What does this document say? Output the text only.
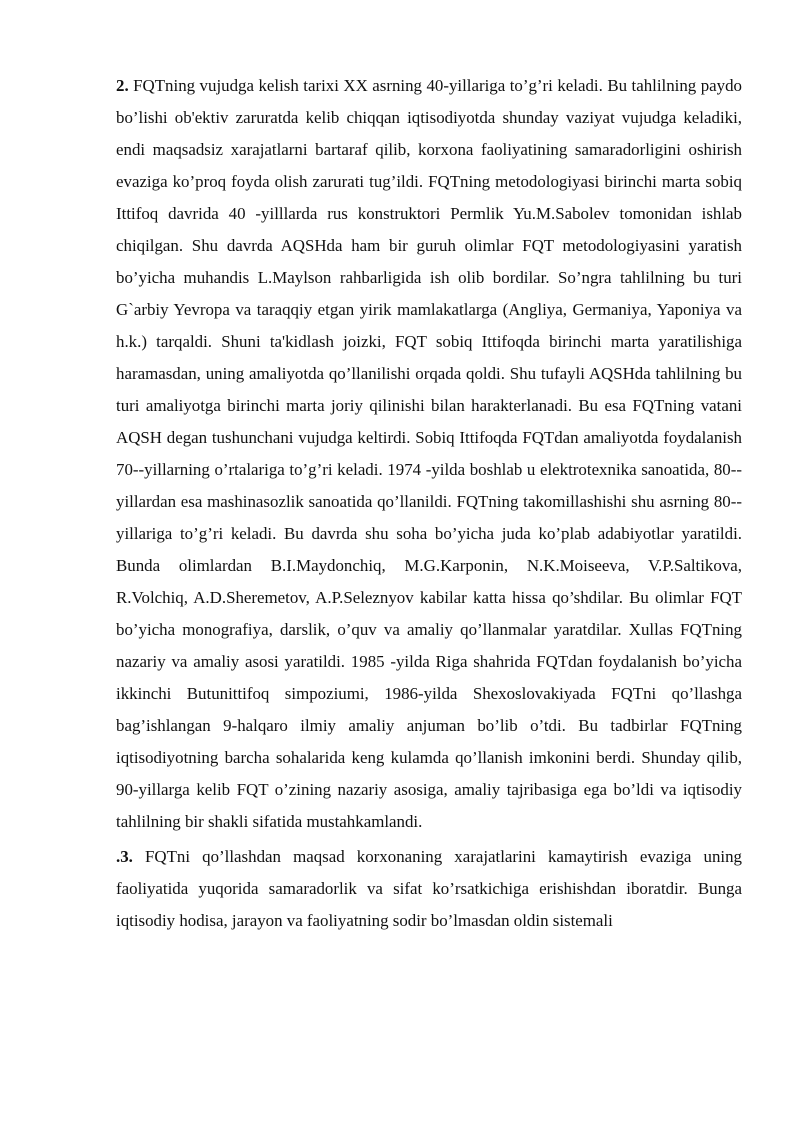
2. FQTning vujudga kelish tarixi XX asrning 40-yillariga to’g’ri keladi. Bu tahlilning paydo bo’lishi ob'ektiv zaruratda kelib chiqqan iqtisodiyotda shunday vaziyat vujudga keladiki, endi maqsadsiz xarajatlarni bartaraf qilib, korxona faoliyatining samaradorligini oshirish evaziga ko’proq foyda olish zarurati tug’ildi. FQTning metodologiyasi birinchi marta sobiq Ittifoq davrida 40 -yilllarda rus konstruktori Permlik Yu.M.Sabolev tomonidan ishlab chiqilgan. Shu davrda AQSHda ham bir guruh olimlar FQT metodologiyasini yaratish bo’yicha muhandis L.Maylson rahbarligida ish olib bordilar. So’ngra tahlilning bu turi G`arbiy Yevropa va taraqqiy etgan yirik mamlakatlarga (Angliya, Germaniya, Yaponiya va h.k.) tarqaldi. Shuni ta'kidlash joizki, FQT sobiq Ittifoqda birinchi marta yaratilishiga haramasdan, uning amaliyotda qo’llanilishi orqada qoldi. Shu tufayli AQSHda tahlilning bu turi amaliyotga birinchi marta joriy qilinishi bilan harakterlanadi. Bu esa FQTning vatani AQSH degan tushunchani vujudga keltirdi. Sobiq Ittifoqda FQTdan amaliyotda foydalanish 70--yillarning o’rtalariga to’g’ri keladi. 1974 -yilda boshlab u elektrotexnika sanoatida, 80--yillardan esa mashinasozlik sanoatida qo’llanildi. FQTning takomillashishi shu asrning 80--yillariga to’g’ri keladi. Bu davrda shu soha bo’yicha juda ko’plab adabiyotlar yaratildi. Bunda olimlardan B.I.Maydonchiq, M.G.Karponin, N.K.Moiseeva, V.P.Saltikova, R.Volchiq, A.D.Sheremetov, A.P.Seleznyov kabilar katta hissa qo’shdilar. Bu olimlar FQT bo’yicha monografiya, darslik, o’quv va amaliy qo’llanmalar yaratdilar. Xullas FQTning nazariy va amaliy asosi yaratildi. 1985 -yilda Riga shahrida FQTdan foydalanish bo’yicha ikkinchi Butunittifoq simpoziumi, 1986-yilda Shexoslovakiyada FQTni qo’llashga bag’ishlangan 9-halqaro ilmiy amaliy anjuman bo’lib o’tdi. Bu tadbirlar FQTning iqtisodiyotning barcha sohalarida keng kulamda qo’llanish imkonini berdi. Shunday qilib, 90-yillarga kelib FQT o’zining nazariy asosiga, amaliy tajribasiga ega bo’ldi va iqtisodiy tahlilning bir shakli sifatida mustahkamlandi.

.3. FQTni qo’llashdan maqsad korxonaning xarajatlarini kamaytirish evaziga uning faoliyatida yuqorida samaradorlik va sifat ko’rsatkichiga erishishdan iboratdir. Bunga iqtisodiy hodisa, jarayon va faoliyatning sodir bo’lmasdan oldin sistemali
